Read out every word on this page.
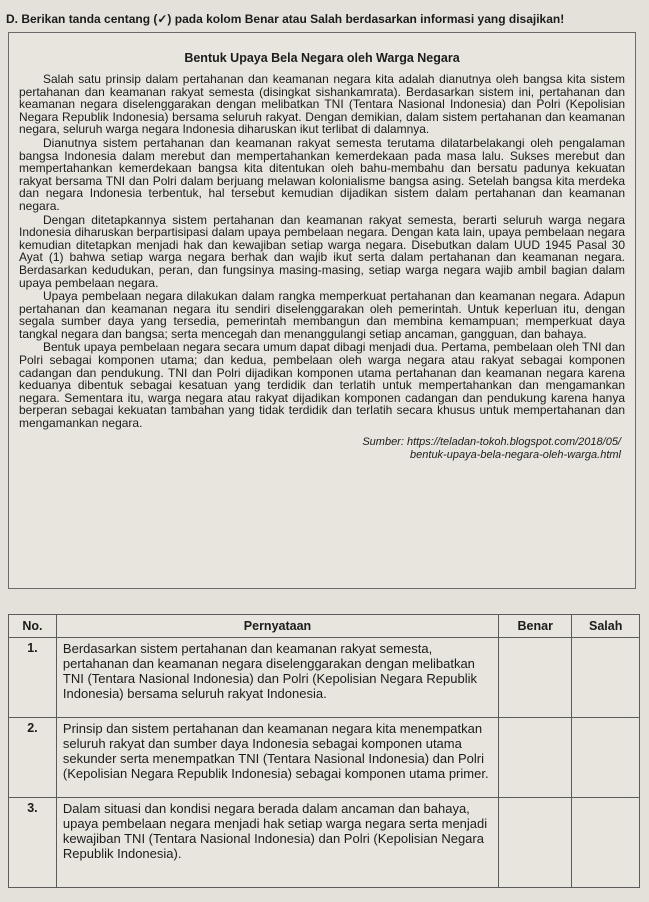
D. Berikan tanda centang (✓) pada kolom Benar atau Salah berdasarkan informasi yang disajikan!
Bentuk Upaya Bela Negara oleh Warga Negara

Salah satu prinsip dalam pertahanan dan keamanan negara kita adalah dianutnya oleh bangsa kita sistem pertahanan dan keamanan rakyat semesta (disingkat sishankamrata). Berdasarkan sistem ini, pertahanan dan keamanan negara diselenggarakan dengan melibatkan TNI (Tentara Nasional Indonesia) dan Polri (Kepolisian Negara Republik Indonesia) bersama seluruh rakyat. Dengan demikian, dalam sistem pertahanan dan keamanan negara, seluruh warga negara Indonesia diharuskan ikut terlibat di dalamnya.

Dianutnya sistem pertahanan dan keamanan rakyat semesta terutama dilatarbelakangi oleh pengalaman bangsa Indonesia dalam merebut dan mempertahankan kemerdekaan pada masa lalu. Sukses merebut dan mempertahankan kemerdekaan bangsa kita ditentukan oleh bahu-membahu dan bersatu padunya kekuatan rakyat bersama TNI dan Polri dalam berjuang melawan kolonialisme bangsa asing. Setelah bangsa kita merdeka dan negara Indonesia terbentuk, hal tersebut kemudian dijadikan sistem dalam pertahanan dan keamanan negara.

Dengan ditetapkannya sistem pertahanan dan keamanan rakyat semesta, berarti seluruh warga negara Indonesia diharuskan berpartisipasi dalam upaya pembelaan negara. Dengan kata lain, upaya pembelaan negara kemudian ditetapkan menjadi hak dan kewajiban setiap warga negara. Disebutkan dalam UUD 1945 Pasal 30 Ayat (1) bahwa setiap warga negara berhak dan wajib ikut serta dalam pertahanan dan keamanan negara. Berdasarkan kedudukan, peran, dan fungsinya masing-masing, setiap warga negara wajib ambil bagian dalam upaya pembelaan negara.

Upaya pembelaan negara dilakukan dalam rangka memperkuat pertahanan dan keamanan negara. Adapun pertahanan dan keamanan negara itu sendiri diselenggarakan oleh pemerintah. Untuk keperluan itu, dengan segala sumber daya yang tersedia, pemerintah membangun dan membina kemampuan; memperkuat daya tangkal negara dan bangsa; serta mencegah dan menanggulangi setiap ancaman, gangguan, dan bahaya.

Bentuk upaya pembelaan negara secara umum dapat dibagi menjadi dua. Pertama, pembelaan oleh TNI dan Polri sebagai komponen utama; dan kedua, pembelaan oleh warga negara atau rakyat sebagai komponen cadangan dan pendukung. TNI dan Polri dijadikan komponen utama pertahanan dan keamanan negara karena keduanya dibentuk sebagai kesatuan yang terdidik dan terlatih untuk mempertahankan dan mengamankan negara. Sementara itu, warga negara atau rakyat dijadikan komponen cadangan dan pendukung karena hanya berperan sebagai kekuatan tambahan yang tidak terdidik dan terlatih secara khusus untuk mempertahanan dan mengamankan negara.

Sumber: https://teladan-tokoh.blogspot.com/2018/05/
bentuk-upaya-bela-negara-oleh-warga.html
No.	Pernyataan	Benar	Salah
1.	Berdasarkan sistem pertahanan dan keamanan rakyat semesta, pertahanan dan keamanan negara diselenggarakan dengan melibatkan TNI (Tentara Nasional Indonesia) dan Polri (Kepolisian Negara Republik Indonesia) bersama seluruh rakyat Indonesia.		
2.	Prinsip dan sistem pertahanan dan keamanan negara kita menempatkan seluruh rakyat dan sumber daya Indonesia sebagai komponen utama sekunder serta menempatkan TNI (Tentara Nasional Indonesia) dan Polri (Kepolisian Negara Republik Indonesia) sebagai komponen utama primer.		
3.	Dalam situasi dan kondisi negara berada dalam ancaman dan bahaya, upaya pembelaan negara menjadi hak setiap warga negara serta menjadi kewajiban TNI (Tentara Nasional Indonesia) dan Polri (Kepolisian Negara Republik Indonesia).		
